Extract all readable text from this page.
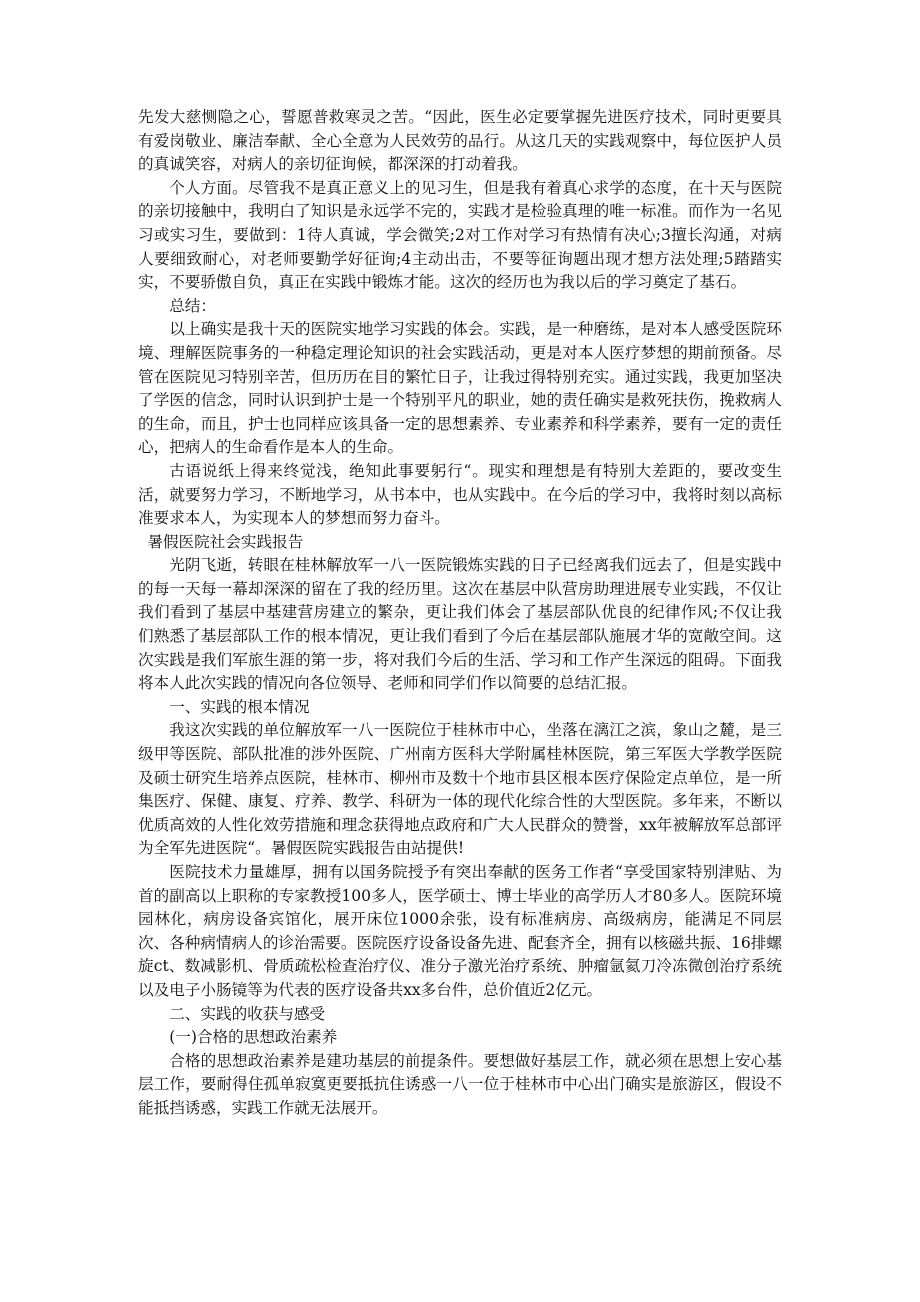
先发大慈恻隐之心，誓愿普救寒灵之苦。“因此，医生必定要掌握先进医疗技术，同时更要具有爱岗敬业、廉洁奉献、全心全意为人民效劳的品行。从这几天的实践观察中，每位医护人员的真诚笑容，对病人的亲切征询候，都深深的打动着我。

个人方面。尽管我不是真正意义上的见习生，但是我有着真心求学的态度，在十天与医院的亲切接触中，我明白了知识是永远学不完的，实践才是检验真理的唯一标准。而作为一名见习或实习生，要做到：1待人真诚，学会微笑;2对工作对学习有热情有决心;3擅长沟通，对病人要细致耐心，对老师要勤学好征询;4主动出击，不要等征询题出现才想方法处理;5踏踏实实，不要骄傲自负，真正在实践中锻炼才能。这次的经历也为我以后的学习奠定了基石。

总结：

以上确实是我十天的医院实地学习实践的体会。实践，是一种磨练，是对本人感受医院环境、理解医院事务的一种稳定理论知识的社会实践活动，更是对本人医疗梦想的期前预备。尽管在医院见习特别辛苦，但历历在目的繁忙日子，让我过得特别充实。通过实践，我更加坚决了学医的信念，同时认识到护士是一个特别平凡的职业，她的责任确实是救死扶伤，挽救病人的生命，而且，护士也同样应该具备一定的思想素养、专业素养和科学素养，要有一定的责任心，把病人的生命看作是本人的生命。

古语说纸上得来终觉浅，绝知此事要躬行“。现实和理想是有特别大差距的，要改变生活，就要努力学习，不断地学习，从书本中，也从实践中。在今后的学习中，我将时刻以高标准要求本人，为实现本人的梦想而努力奋斗。

暑假医院社会实践报告

光阴飞逝，转眼在桂林解放军一八一医院锻炼实践的日子已经离我们远去了，但是实践中的每一天每一幕却深深的留在了我的经历里。这次在基层中队营房助理进展专业实践，不仅让我们看到了基层中基建营房建立的繁杂，更让我们体会了基层部队优良的纪律作风;不仅让我们熟悉了基层部队工作的根本情况，更让我们看到了今后在基层部队施展才华的宽敞空间。这次实践是我们军旅生涯的第一步，将对我们今后的生活、学习和工作产生深远的阻碍。下面我将本人此次实践的情况向各位领导、老师和同学们作以简要的总结汇报。

一、实践的根本情况

我这次实践的单位解放军一八一医院位于桂林市中心，坐落在漓江之滨，象山之麓，是三级甲等医院、部队批准的涉外医院、广州南方医科大学附属桂林医院，第三军医大学教学医院及硕士研究生培养点医院，桂林市、柳州市及数十个地市县区根本医疗保险定点单位，是一所集医疗、保健、康复、疗养、教学、科研为一体的现代化综合性的大型医院。多年来，不断以优质高效的人性化效劳措施和理念获得地点政府和广大人民群众的赞誉，xx年被解放军总部评为全军先进医院“。暑假医院实践报告由站提供!

医院技术力量雄厚，拥有以国务院授予有突出奉献的医务工作者“享受国家特别津贴、为首的副高以上职称的专家教授100多人，医学硕士、博士毕业的高学历人才80多人。医院环境园林化，病房设备宾馆化，展开床位1000余张，设有标准病房、高级病房，能满足不同层次、各种病情病人的诊治需要。医院医疗设备设备先进、配套齐全，拥有以核磁共振、16排螺旋ct、数减影机、骨质疏松检查治疗仪、准分子激光治疗系统、肿瘤氩氦刀冷冻微创治疗系统以及电子小肠镜等为代表的医疗设备共xx多台件，总价值近2亿元。

二、实践的收获与感受

(一)合格的思想政治素养

合格的思想政治素养是建功基层的前提条件。要想做好基层工作，就必须在思想上安心基层工作，要耐得住孤单寂寞更要抵抗住诱惑一八一位于桂林市中心出门确实是旅游区，假设不能抵挡诱惑，实践工作就无法展开。
